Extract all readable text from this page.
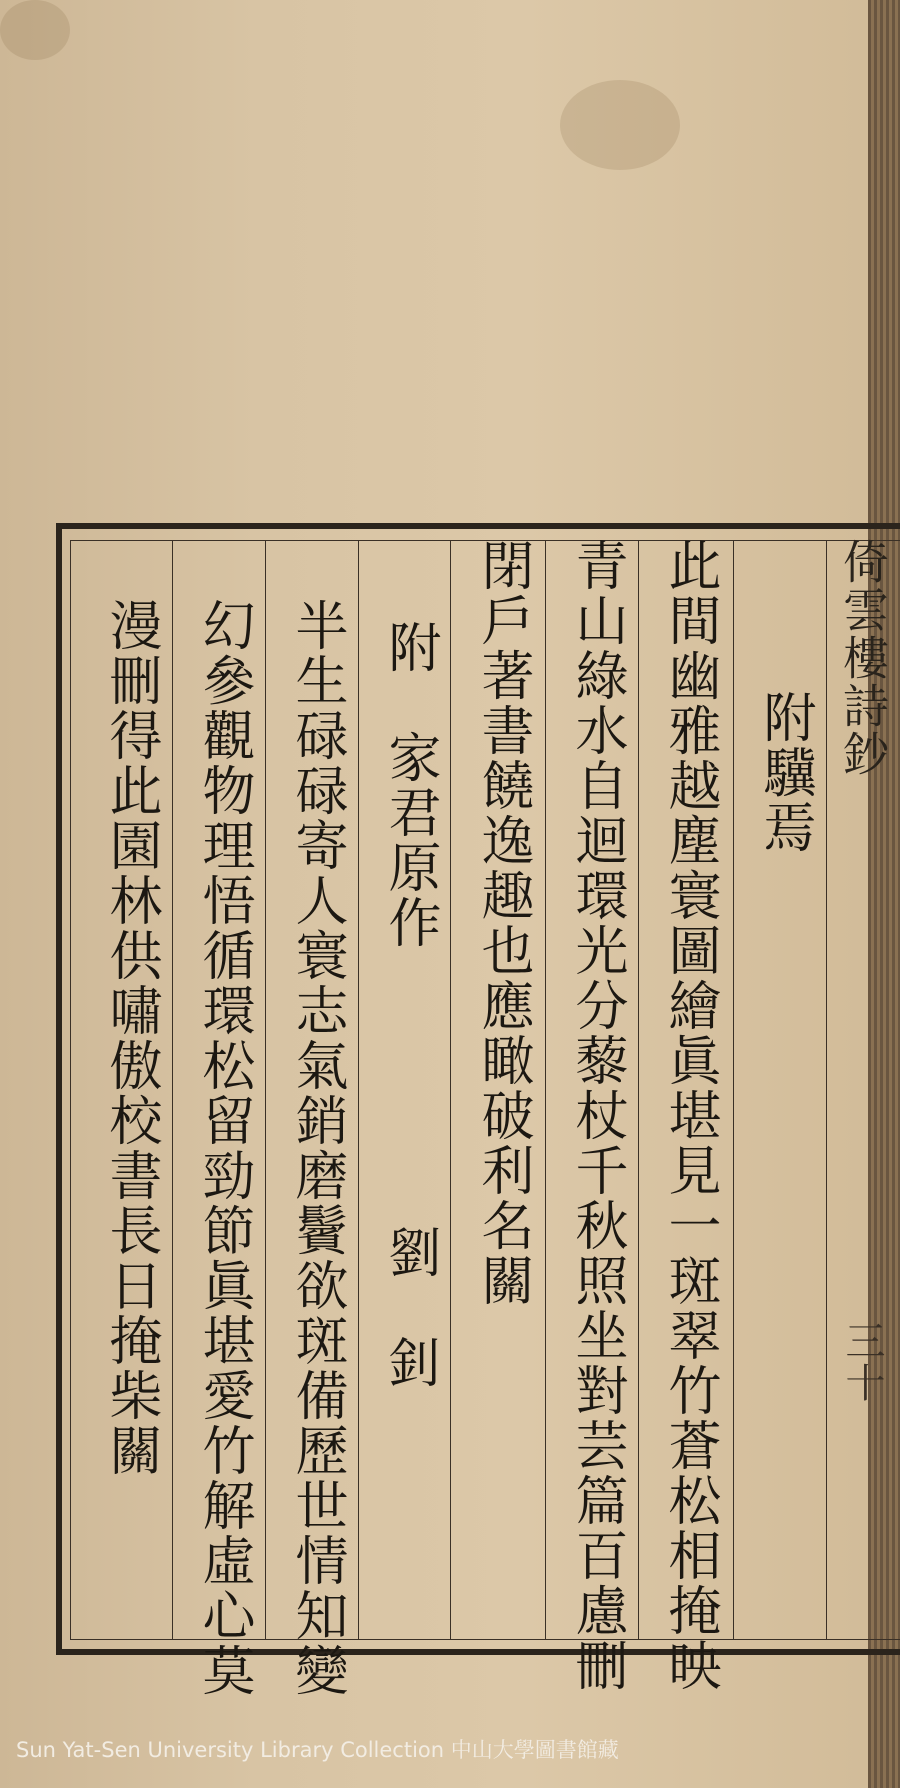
倚雲樓詩鈔
三十
附驥焉
此間幽雅越塵寰圖繪眞堪見一斑翠竹蒼松相掩映
青山綠水自迴環光分藜杖千秋照坐對芸篇百慮刪
閉戶著書饒逸趣也應瞰破利名關
附　家君原作　　　　　劉　釗
半生碌碌寄人寰志氣銷磨鬢欲斑備歷世情知變
幻參觀物理悟循環松留勁節眞堪愛竹解虛心莫
漫刪得此園林供嘯傲校書長日掩柴關
Sun Yat-Sen University Library Collection 中山大學圖書館藏
